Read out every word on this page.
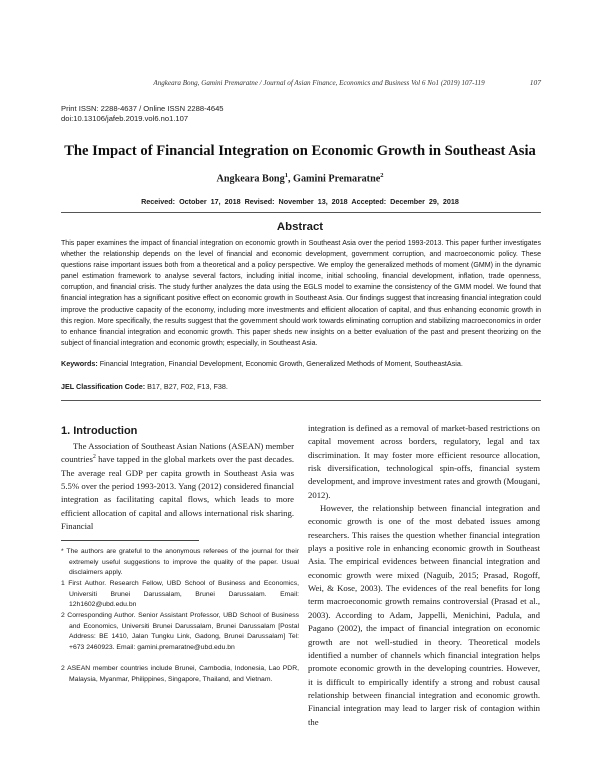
Angkeara Bong, Gamini Premaratne / Journal of Asian Finance, Economics and Business Vol 6 No1 (2019) 107-119	107
Print ISSN: 2288-4637 / Online ISSN 2288-4645
doi:10.13106/jafeb.2019.vol6.no1.107
The Impact of Financial Integration on Economic Growth in Southeast Asia
Angkeara Bong$^1$, Gamini Premaratne$^2$
Received: October 17, 2018 Revised: November 13, 2018 Accepted: December 29, 2018
Abstract
This paper examines the impact of financial integration on economic growth in Southeast Asia over the period 1993-2013. This paper further investigates whether the relationship depends on the level of financial and economic development, government corruption, and macroeconomic policy. These questions raise important issues both from a theoretical and a policy perspective. We employ the generalized methods of moment (GMM) in the dynamic panel estimation framework to analyse several factors, including initial income, initial schooling, financial development, inflation, trade openness, corruption, and financial crisis. The study further analyzes the data using the EGLS model to examine the consistency of the GMM model. We found that financial integration has a significant positive effect on economic growth in Southeast Asia. Our findings suggest that increasing financial integration could improve the productive capacity of the economy, including more investments and efficient allocation of capital, and thus enhancing economic growth in this region. More specifically, the results suggest that the government should work towards eliminating corruption and stabilizing macroeconomics in order to enhance financial integration and economic growth. This paper sheds new insights on a better evaluation of the past and present theorizing on the subject of financial integration and economic growth; especially, in Southeast Asia.
Keywords: Financial Integration, Financial Development, Economic Growth, Generalized Methods of Moment, SoutheastAsia.
JEL Classification Code: B17, B27, F02, F13, F38.
1. Introduction
The Association of Southeast Asian Nations (ASEAN) member countries$^2$ have tapped in the global markets over the past decades. The average real GDP per capita growth in Southeast Asia was 5.5% over the period 1993-2013. Yang (2012) considered financial integration as facilitating capital flows, which leads to more efficient allocation of capital and allows international risk sharing. Financial
* The authors are grateful to the anonymous referees of the journal for their extremely useful suggestions to improve the quality of the paper. Usual disclaimers apply.
1 First Author. Research Fellow, UBD School of Business and Economics, Universiti Brunei Darussalam, Brunei Darussalam. Email: 12h1602@ubd.edu.bn
2 Corresponding Author. Senior Assistant Professor, UBD School of Business and Economics, Universiti Brunei Darussalam, Brunei Darussalam [Postal Address: BE 1410, Jalan Tungku Link, Gadong, Brunei Darussalam] Tel: +673 2460923. Email: gamini.premaratne@ubd.edu.bn
2 ASEAN member countries include Brunei, Cambodia, Indonesia, Lao PDR, Malaysia, Myanmar, Philippines, Singapore, Thailand, and Vietnam.

integration is defined as a removal of market-based restrictions on capital movement across borders, regulatory, legal and tax discrimination. It may foster more efficient resource allocation, risk diversification, technological spin-offs, financial system development, and improve investment rates and growth (Mougani, 2012).

However, the relationship between financial integration and economic growth is one of the most debated issues among researchers. This raises the question whether financial integration plays a positive role in enhancing economic growth in Southeast Asia. The empirical evidences between financial integration and economic growth were mixed (Naguib, 2015; Prasad, Rogoff, Wei, & Kose, 2003). The evidences of the real benefits for long term macroeconomic growth remains controversial (Prasad et al., 2003). According to Adam, Jappelli, Menichini, Padula, and Pagano (2002), the impact of financial integration on economic growth are not well-studied in theory. Theoretical models identified a number of channels which financial integration helps promote economic growth in the developing countries. However, it is difficult to empirically identify a strong and robust causal relationship between financial integration and economic growth. Financial integration may lead to larger risk of contagion within the
